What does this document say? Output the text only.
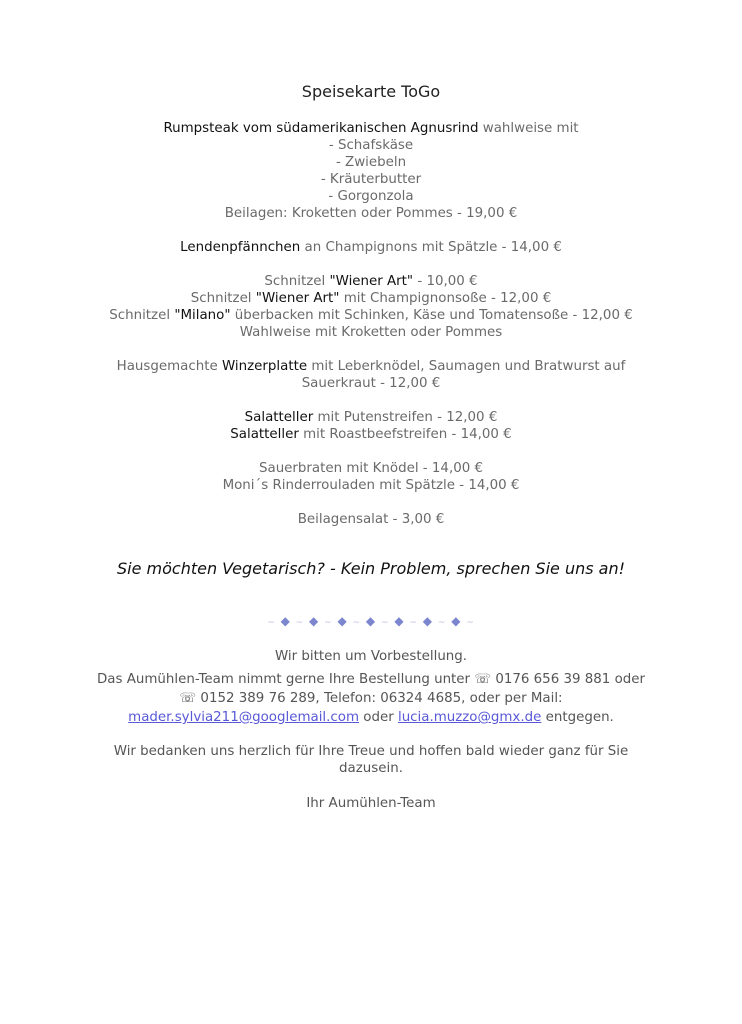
Speisekarte ToGo
Rumpsteak vom südamerikanischen Agnusrind wahlweise mit
- Schafskäse
- Zwiebeln
- Kräuterbutter
- Gorgonzola
Beilagen: Kroketten oder Pommes - 19,00 €
Lendenpfännchen an Champignons mit Spätzle - 14,00 €
Schnitzel "Wiener Art" - 10,00 €
Schnitzel "Wiener Art" mit Champignonsoße - 12,00 €
Schnitzel "Milano" überbacken mit Schinken, Käse und Tomatensoße - 12,00 €
Wahlweise mit Kroketten oder Pommes
Hausgemachte Winzerplatte mit Leberknödel, Saumagen und Bratwurst auf Sauerkraut - 12,00 €
Salatteller mit Putenstreifen - 12,00 €
Salatteller mit Roastbeefstreifen - 14,00 €
Sauerbraten mit Knödel - 14,00 €
Moni´s Rinderrouladen mit Spätzle - 14,00 €
Beilagensalat - 3,00 €
Sie möchten Vegetarisch? - Kein Problem, sprechen Sie uns an!
~ ◆ ~ ◆ ~ ◆ ~ ◆ ~ ◆ ~ ◆ ~ ◆ ~

Wir bitten um Vorbestellung.

Das Aumühlen-Team nimmt gerne Ihre Bestellung unter ☏ 0176 656 39 881 oder ☏ 0152 389 76 289, Telefon: 06324 4685, oder per Mail: mader.sylvia211@googlemail.com oder lucia.muzzo@gmx.de entgegen.

Wir bedanken uns herzlich für Ihre Treue und hoffen bald wieder ganz für Sie dazusein.
Ihr Aumühlen-Team
